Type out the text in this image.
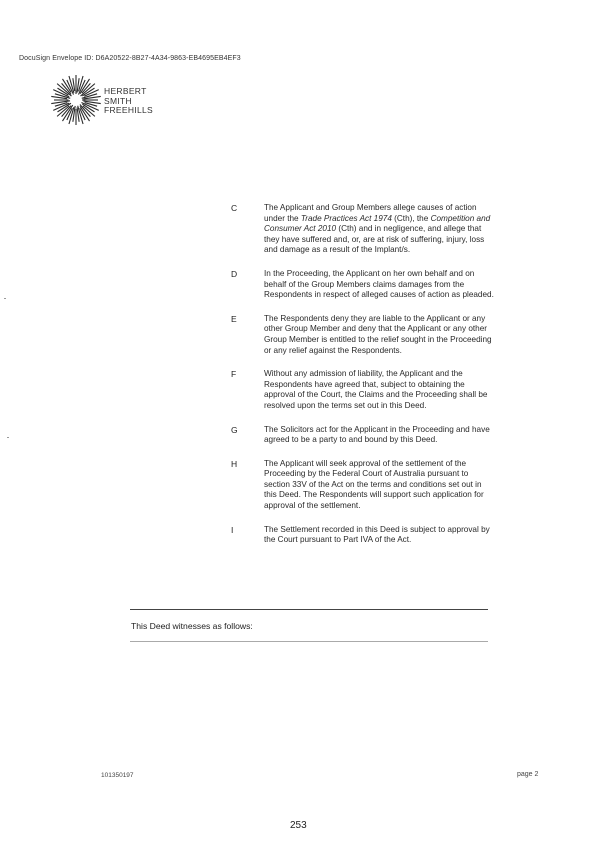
DocuSign Envelope ID: D6A20522-8B27-4A34-9863-EB4695EB4EF3
HERBERT
SMITH
FREEHILLS
C	The Applicant and Group Members allege causes of action under the Trade Practices Act 1974 (Cth), the Competition and Consumer Act 2010 (Cth) and in negligence, and allege that they have suffered and, or, are at risk of suffering, injury, loss and damage as a result of the Implant/s.
D	In the Proceeding, the Applicant on her own behalf and on behalf of the Group Members claims damages from the Respondents in respect of alleged causes of action as pleaded.
E	The Respondents deny they are liable to the Applicant or any other Group Member and deny that the Applicant or any other Group Member is entitled to the relief sought in the Proceeding or any relief against the Respondents.
F	Without any admission of liability, the Applicant and the Respondents have agreed that, subject to obtaining the approval of the Court, the Claims and the Proceeding shall be resolved upon the terms set out in this Deed.
G	The Solicitors act for the Applicant in the Proceeding and have agreed to be a party to and bound by this Deed.
H	The Applicant will seek approval of the settlement of the Proceeding by the Federal Court of Australia pursuant to section 33V of the Act on the terms and conditions set out in this Deed. The Respondents will support such application for approval of the settlement.
I	The Settlement recorded in this Deed is subject to approval by the Court pursuant to Part IVA of the Act.
This Deed witnesses as follows:
101350197	page 2
253
